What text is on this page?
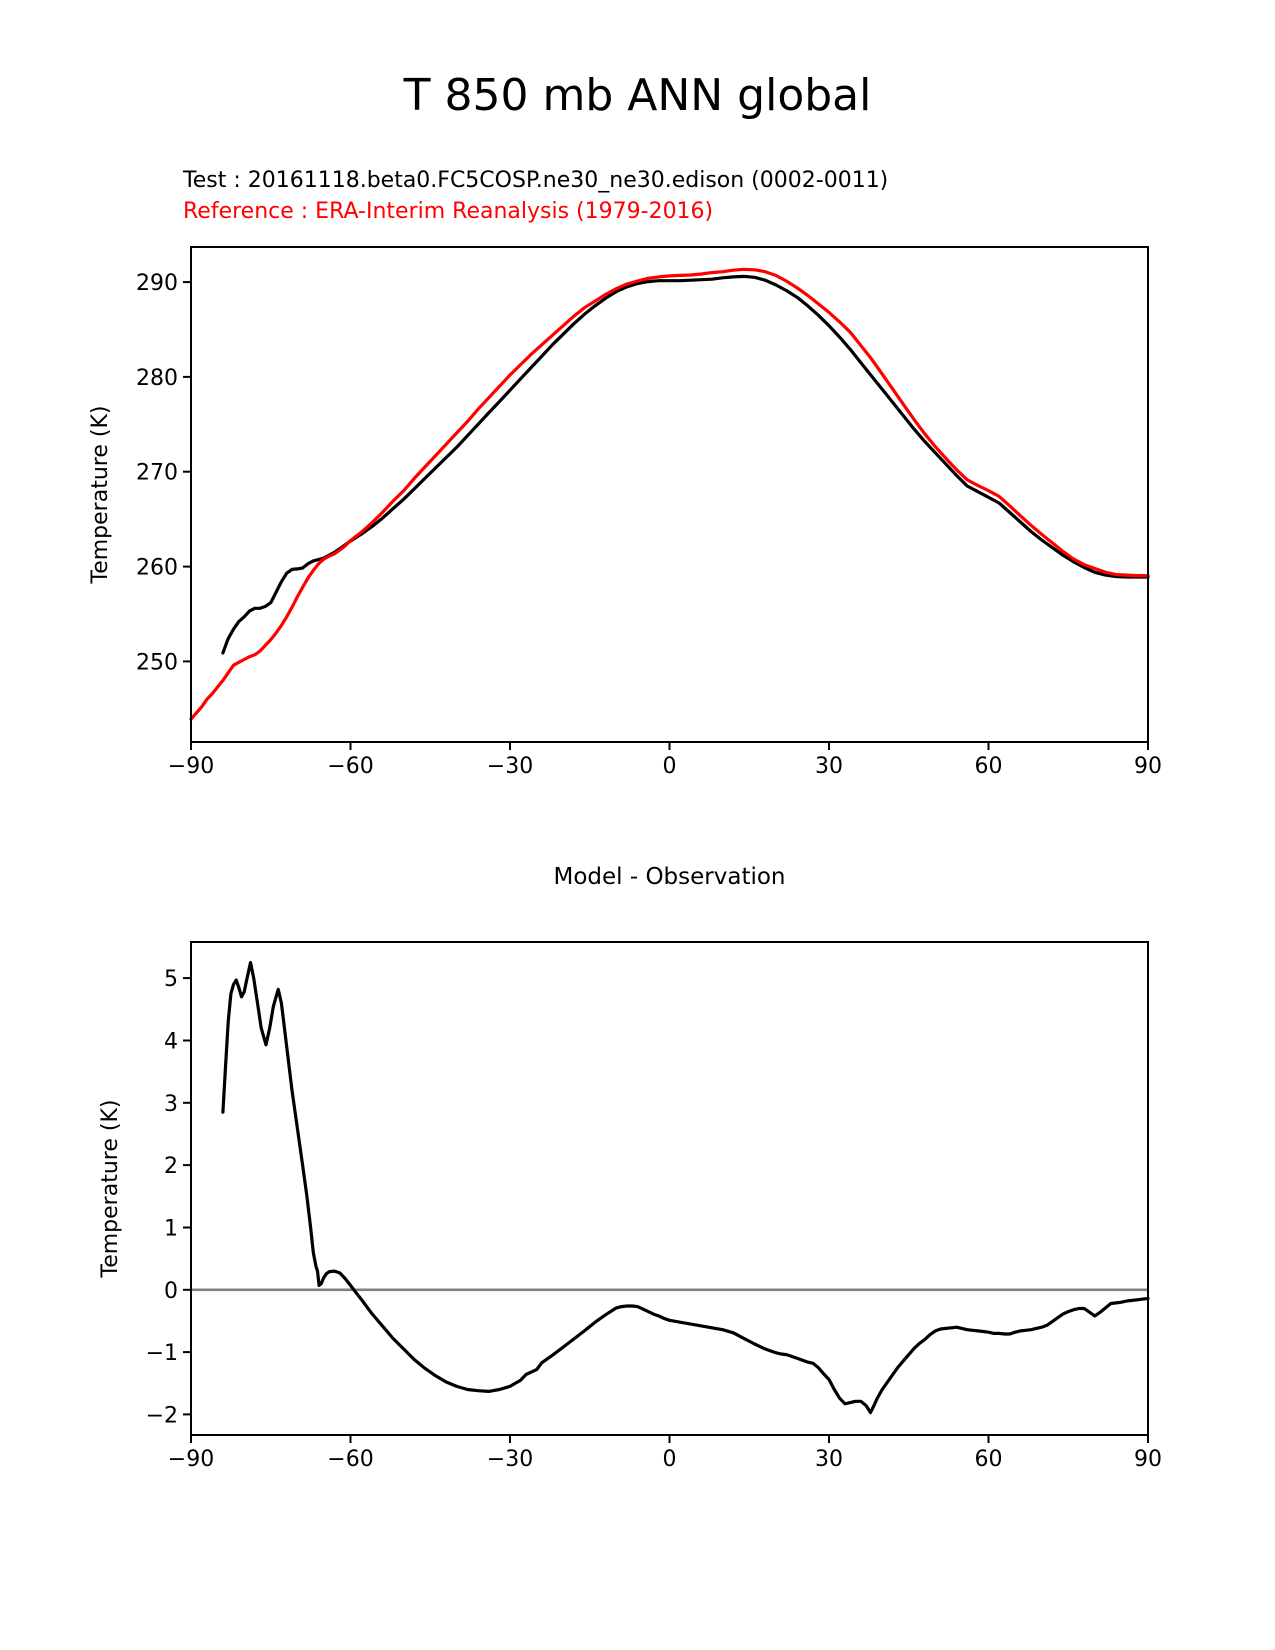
T 850 mb ANN global
Test : 20161118.beta0.FC5COSP.ne30_ne30.edison (0002-0011)
Reference : ERA-Interim Reanalysis (1979-2016)
−90	−60	−30	0	30	60	90
250
260
270
280
290
Temperature (K)
−90	−60	−30	0	30	60	90
−2
−1
0
1
2
3
4
5
Temperature (K)
Model - Observation
